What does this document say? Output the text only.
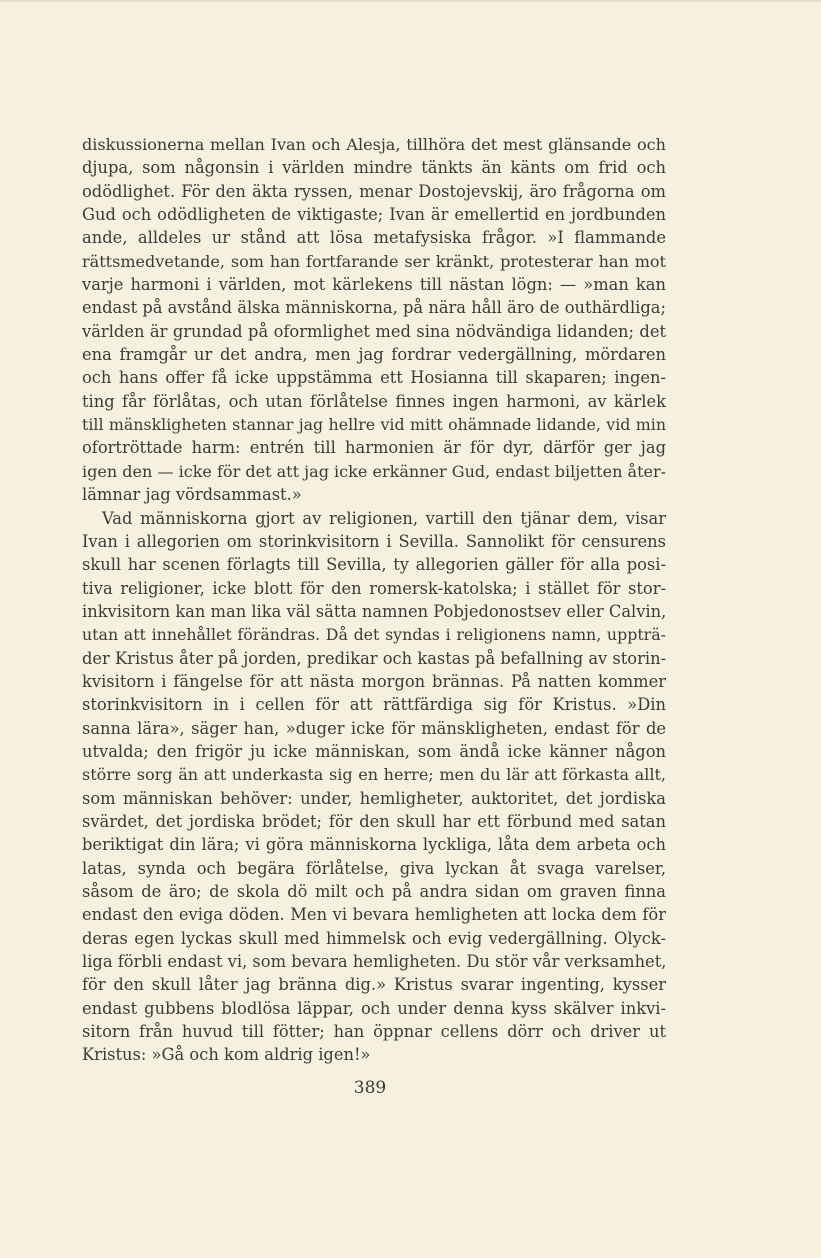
diskussionerna mellan Ivan och Alesja, tillhöra det mest glänsande och
djupa, som någonsin i världen mindre tänkts än känts om frid och
odödlighet. För den äkta ryssen, menar Dostojevskij, äro frågorna om
Gud och odödligheten de viktigaste; Ivan är emellertid en jordbunden
ande, alldeles ur stånd att lösa metafysiska frågor. »I flammande
rättsmedvetande, som han fortfarande ser kränkt, protesterar han mot
varje harmoni i världen, mot kärlekens till nästan lögn: — »man kan
endast på avstånd älska människorna, på nära håll äro de outhärdliga;
världen är grundad på oformlighet med sina nödvändiga lidanden; det
ena framgår ur det andra, men jag fordrar vedergällning, mördaren
och hans offer få icke uppstämma ett Hosianna till skaparen; ingen-
ting får förlåtas, och utan förlåtelse finnes ingen harmoni, av kärlek
till mänskligheten stannar jag hellre vid mitt ohämnade lidande, vid min
ofortröttade harm: entrén till harmonien är för dyr, därför ger jag
igen den — icke för det att jag icke erkänner Gud, endast biljetten åter-
lämnar jag vördsammast.»
Vad människorna gjort av religionen, vartill den tjänar dem, visar
Ivan i allegorien om storinkvisitorn i Sevilla. Sannolikt för censurens
skull har scenen förlagts till Sevilla, ty allegorien gäller för alla posi-
tiva religioner, icke blott för den romersk-katolska; i stället för stor-
inkvisitorn kan man lika väl sätta namnen Pobjedonostsev eller Calvin,
utan att innehållet förändras. Då det syndas i religionens namn, uppträ-
der Kristus åter på jorden, predikar och kastas på befallning av storin-
kvisitorn i fängelse för att nästa morgon brännas. På natten kommer
storinkvisitorn in i cellen för att rättfärdiga sig för Kristus. »Din
sanna lära», säger han, »duger icke för mänskligheten, endast för de
utvalda; den frigör ju icke människan, som ändå icke känner någon
större sorg än att underkasta sig en herre; men du lär att förkasta allt,
som människan behöver: under, hemligheter, auktoritet, det jordiska
svärdet, det jordiska brödet; för den skull har ett förbund med satan
beriktigat din lära; vi göra människorna lyckliga, låta dem arbeta och
latas, synda och begära förlåtelse, giva lyckan åt svaga varelser,
såsom de äro; de skola dö milt och på andra sidan om graven finna
endast den eviga döden. Men vi bevara hemligheten att locka dem för
deras egen lyckas skull med himmelsk och evig vedergällning. Olyck-
liga förbli endast vi, som bevara hemligheten. Du stör vår verksamhet,
för den skull låter jag bränna dig.» Kristus svarar ingenting, kysser
endast gubbens blodlösa läppar, och under denna kyss skälver inkvi-
sitorn från huvud till fötter; han öppnar cellens dörr och driver ut
Kristus: »Gå och kom aldrig igen!»
389
